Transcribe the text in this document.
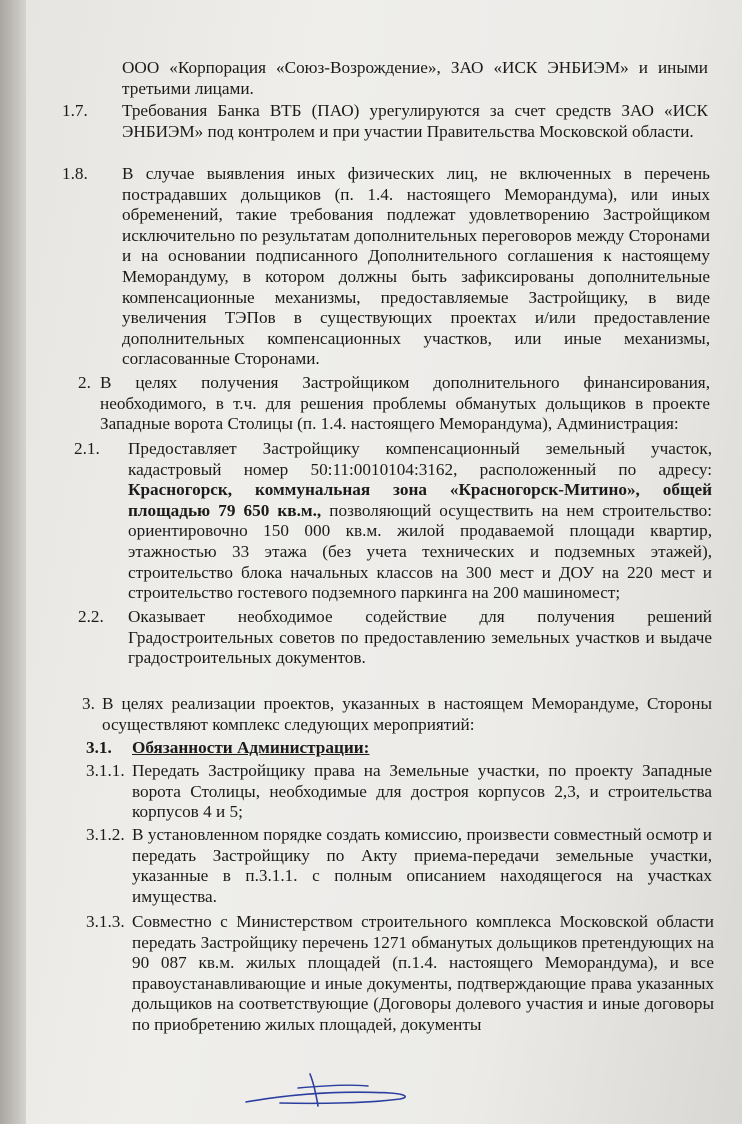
ООО «Корпорация «Союз-Возрождение», ЗАО «ИСК ЭНБИЭМ» и иными третьими лицами.
1.7. Требования Банка ВТБ (ПАО) урегулируются за счет средств ЗАО «ИСК ЭНБИЭМ» под контролем и при участии Правительства Московской области.
1.8. В случае выявления иных физических лиц, не включенных в перечень пострадавших дольщиков (п. 1.4. настоящего Меморандума), или иных обременений, такие требования подлежат удовлетворению Застройщиком исключительно по результатам дополнительных переговоров между Сторонами и на основании подписанного Дополнительного соглашения к настоящему Меморандуму, в котором должны быть зафиксированы дополнительные компенсационные механизмы, предоставляемые Застройщику, в виде увеличения ТЭПов в существующих проектах и/или предоставление дополнительных компенсационных участков, или иные механизмы, согласованные Сторонами.
2. В целях получения Застройщиком дополнительного финансирования, необходимого, в т.ч. для решения проблемы обманутых дольщиков в проекте Западные ворота Столицы (п. 1.4. настоящего Меморандума), Администрация:
2.1. Предоставляет Застройщику компенсационный земельный участок, кадастровый номер 50:11:0010104:3162, расположенный по адресу: Красногорск, коммунальная зона «Красногорск-Митино», общей площадью 79 650 кв.м., позволяющий осуществить на нем строительство: ориентировочно 150 000 кв.м. жилой продаваемой площади квартир, этажностью 33 этажа (без учета технических и подземных этажей), строительство блока начальных классов на 300 мест и ДОУ на 220 мест и строительство гостевого подземного паркинга на 200 машиномест;
2.2. Оказывает необходимое содействие для получения решений Градостроительных советов по предоставлению земельных участков и выдаче градостроительных документов.
3. В целях реализации проектов, указанных в настоящем Меморандуме, Стороны осуществляют комплекс следующих мероприятий:
3.1. Обязанности Администрации:
3.1.1. Передать Застройщику права на Земельные участки, по проекту Западные ворота Столицы, необходимые для достроя корпусов 2,3, и строительства корпусов 4 и 5;
3.1.2. В установленном порядке создать комиссию, произвести совместный осмотр и передать Застройщику по Акту приема-передачи земельные участки, указанные в п.3.1.1. с полным описанием находящегося на участках имущества.
3.1.3. Совместно с Министерством строительного комплекса Московской области передать Застройщику перечень 1271 обманутых дольщиков претендующих на 90 087 кв.м. жилых площадей (п.1.4. настоящего Меморандума), и все правоустанавливающие и иные документы, подтверждающие права указанных дольщиков на соответствующие (Договоры долевого участия и иные договоры по приобретению жилых площадей, документы
